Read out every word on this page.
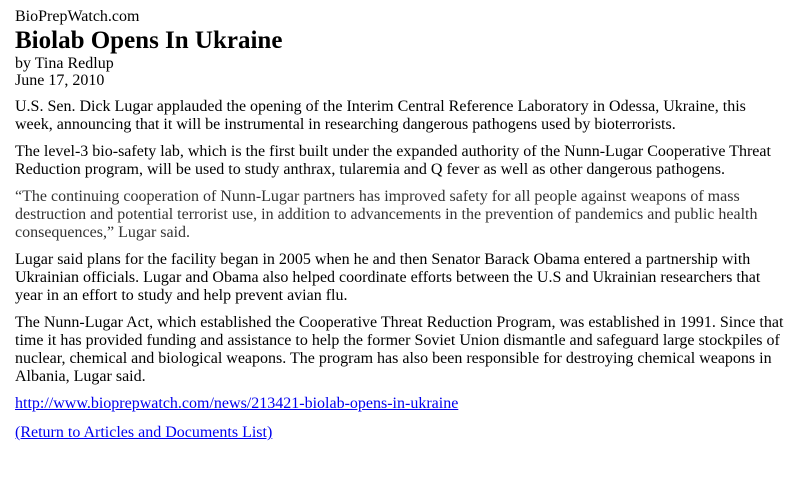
BioPrepWatch.com
Biolab Opens In Ukraine
by Tina Redlup
June 17, 2010

U.S. Sen. Dick Lugar applauded the opening of the Interim Central Reference Laboratory in Odessa, Ukraine, this week, announcing that it will be instrumental in researching dangerous pathogens used by bioterrorists.

The level-3 bio-safety lab, which is the first built under the expanded authority of the Nunn-Lugar Cooperative Threat Reduction program, will be used to study anthrax, tularemia and Q fever as well as other dangerous pathogens.

“The continuing cooperation of Nunn-Lugar partners has improved safety for all people against weapons of mass destruction and potential terrorist use, in addition to advancements in the prevention of pandemics and public health consequences,” Lugar said.

Lugar said plans for the facility began in 2005 when he and then Senator Barack Obama entered a partnership with Ukrainian officials. Lugar and Obama also helped coordinate efforts between the U.S and Ukrainian researchers that year in an effort to study and help prevent avian flu.

The Nunn-Lugar Act, which established the Cooperative Threat Reduction Program, was established in 1991. Since that time it has provided funding and assistance to help the former Soviet Union dismantle and safeguard large stockpiles of nuclear, chemical and biological weapons. The program has also been responsible for destroying chemical weapons in Albania, Lugar said.

http://www.bioprepwatch.com/news/213421-biolab-opens-in-ukraine
(Return to Articles and Documents List)
